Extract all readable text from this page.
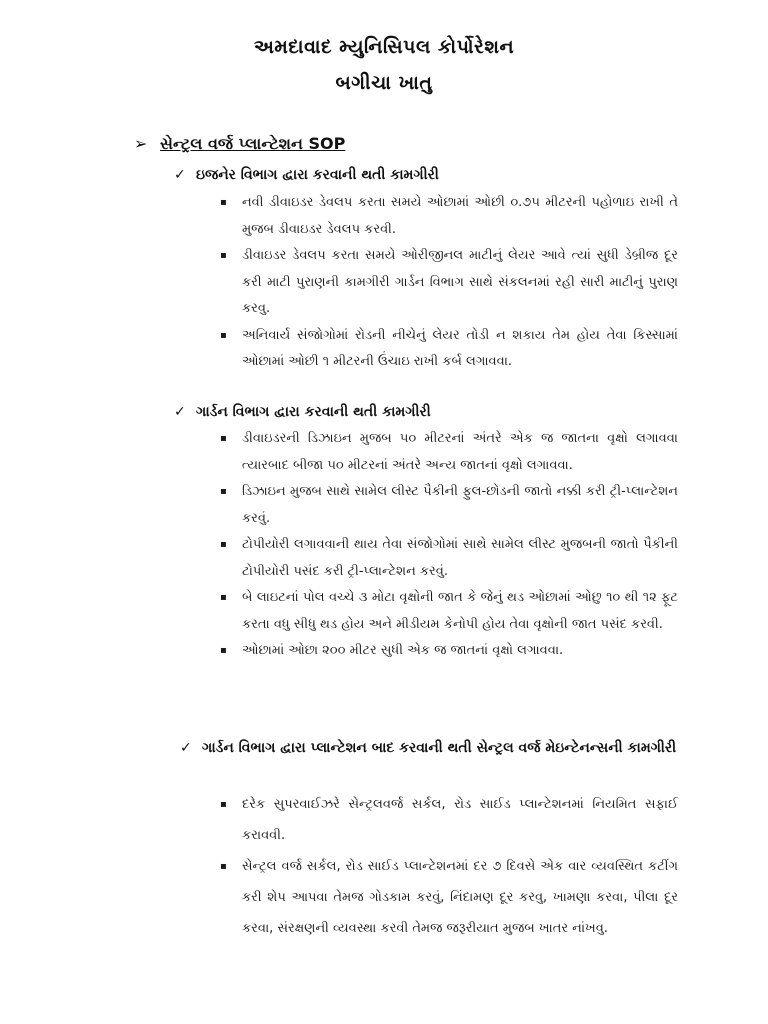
અમદાવાદ મ્યુનિસિપલ કોર્પોરેશન
બગીચા ખાતુ
➢ સેન્ટ્રલ વર્જ પ્લાન્ટેશન SOP
✓ ઇજનેર વિભાગ દ્વારા કરવાની થતી કામગીરી
▪ નવી ડીવાઇડર ડેવલપ કરતા સમયે ઓછામાં ઓછી ૦.૭૫ મીટરની પહોળાઇ રાખી તે મુજબ ડીવાઇડર ડેવલપ કરવી.
▪ ડીવાઇડર ડેવલપ કરતા સમયે ઓરીજીનલ માટીનું લેયર આવે ત્યાં સુધી ડેબ્રીજ દૂર કરી માટી પુરાણની કામગીરી ગાર્ડન વિભાગ સાથે સંકલનમાં રહી સારી માટીનું પુરાણ કરવુ.
▪ અનિવાર્ય સંજોગોમાં રોડની નીચેનું લેયર તોડી ન શકાય તેમ હોય તેવા કિસ્સામાં ઓછામાં ઓછી ૧ મીટરની ઉંચાઇ રાખી કર્બ લગાવવા.
✓ ગાર્ડન વિભાગ દ્વારા કરવાની થતી કામગીરી
▪ ડીવાઇડરની ડિઝાઇન મુજબ ૫૦ મીટરનાં અંતરે એક જ જાતના વૃક્ષો લગાવવા ત્યારબાદ બીજા ૫૦ મીટરનાં અંતરે અન્ય જાતનાં વૃક્ષો લગાવવા.
▪ ડિઝાઇન મુજબ સાથે સામેલ લીસ્ટ પૈકીની ફુલ-છોડની જાતો નક્કી કરી ટ્રી-પ્લાન્ટેશન કરવું.
▪ ટોપીયોરી લગાવવાની થાય તેવા સંજોગોમાં સાથે સામેલ લીસ્ટ મુજબની જાતો પૈકીની ટોપીયોરી પસંદ કરી ટ્રી-પ્લાન્ટેશન કરવું.
▪ બે લાઇટનાં પોલ વચ્ચે ૩ મોટા વૃક્ષોની જાત કે જેનું થડ ઓછામાં ઓછુ ૧૦ થી ૧૨ ફૂટ કરતા વધુ સીધુ થડ હોય અને મીડીયમ કેનોપી હોય તેવા વૃક્ષોની જાત પસંદ કરવી.
▪ ઓછામાં ઓછા ૨૦૦ મીટર સુધી એક જ જાતનાં વૃક્ષો લગાવવા.
✓ ગાર્ડન વિભાગ દ્વારા પ્લાન્ટેશન બાદ કરવાની થતી સેન્ટ્રલ વર્જ મેઇન્ટેનન્સની કામગીરી
▪ દરેક સુપરવાઈઝરે સેન્ટ્રલવર્જ સર્કલ, રોડ સાઈડ પ્લાન્ટેશનમાં નિયમિત સફાઈ કરાવવી.
▪ સેન્ટ્રલ વર્જ સર્કલ, રોડ સાઈડ પ્લાન્ટેશનમાં દર ૭ દિવસે એક વાર વ્યવસ્થિત કટીંગ કરી શેપ આપવા તેમજ ગોડકામ કરવું, નિંદામણ દૂર કરવુ, ખામણા કરવા, પીલા દૂર કરવા, સંરક્ષણની વ્યવસ્થા કરવી તેમજ જરૂરીયાત મુજબ ખાતર નાંખવુ.
